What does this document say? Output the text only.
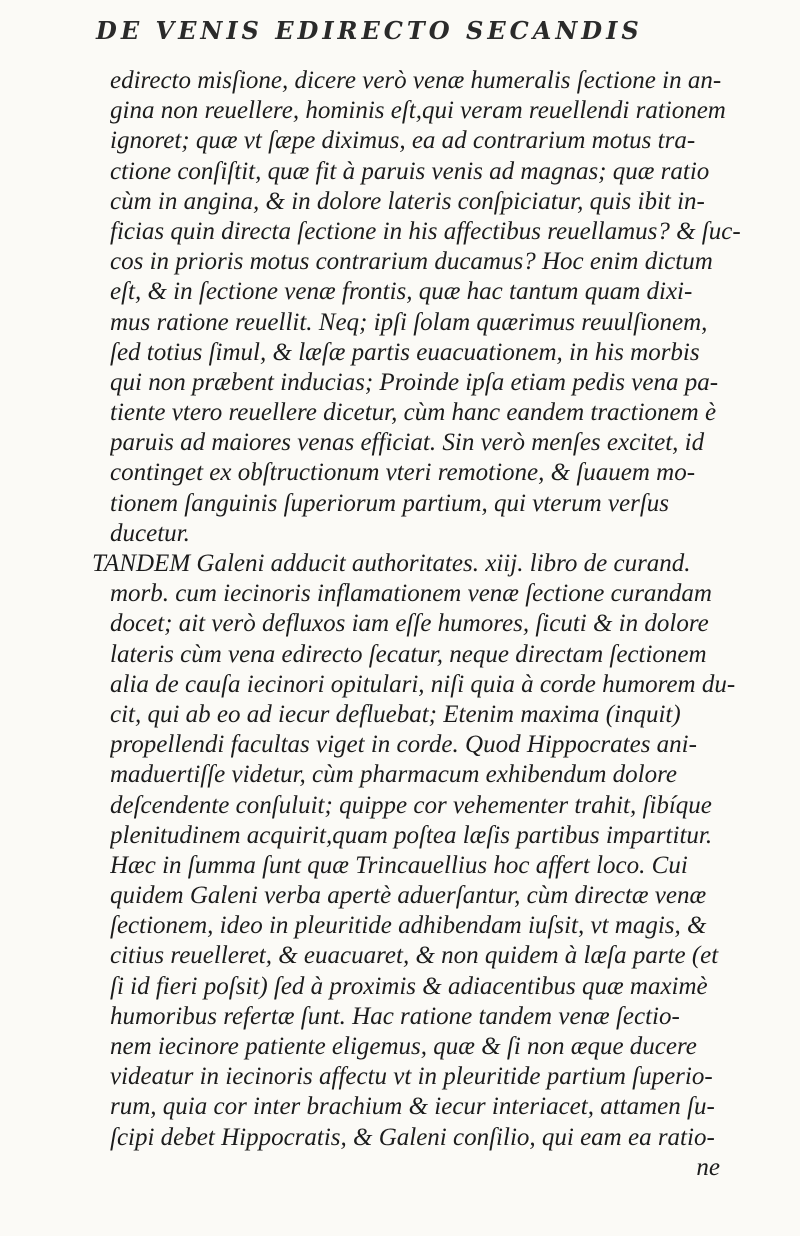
DE VENIS EDIRECTO SECANDIS
edirecto misſione, dicere verò venæ humeralis ſectione in an-
gina non reuellere, hominis eſt,qui veram reuellendi rationem
ignoret; quæ vt ſæpe diximus, ea ad contrarium motus tra-
ctione conſiſtit, quæ fit à paruis venis ad magnas; quæ ratio
cùm in angina, & in dolore lateris conſpiciatur, quis ibit in-
ficias quin directa ſectione in his affectibus reuellamus? & ſuc-
cos in prioris motus contrarium ducamus? Hoc enim dictum
eſt, & in ſectione venæ frontis, quæ hac tantum quam dixi-
mus ratione reuellit. Neq; ipſi ſolam quærimus reuulſionem,
ſed totius ſimul, & læſæ partis euacuationem, in his morbis
qui non præbent inducias; Proinde ipſa etiam pedis vena pa-
tiente vtero reuellere dicetur, cùm hanc eandem tractionem è
paruis ad maiores venas efficiat. Sin verò menſes excitet, id
continget ex obſtructionum vteri remotione, & ſuauem mo-
tionem ſanguinis ſuperiorum partium, qui vterum verſus
ducetur.
TANDEM Galeni adducit authoritates. xiij. libro de curand.
morb. cum iecinoris inflamationem venæ ſectione curandam
docet; ait verò defluxos iam eſſe humores, ſicuti & in dolore
lateris cùm vena edirecto ſecatur, neque directam ſectionem
alia de cauſa iecinori opitulari, niſi quia à corde humorem du-
cit, qui ab eo ad iecur defluebat; Etenim maxima (inquit)
propellendi facultas viget in corde. Quod Hippocrates ani-
maduertiſſe videtur, cùm pharmacum exhibendum dolore
deſcendente conſuluit; quippe cor vehementer trahit, ſibíque
plenitudinem acquirit,quam poſtea læſis partibus impartitur.
Hæc in ſumma ſunt quæ Trincauellius hoc affert loco. Cui
quidem Galeni verba apertè aduerſantur, cùm directæ venæ
ſectionem, ideo in pleuritide adhibendam iuſsit, vt magis, &
citius reuelleret, & euacuaret, & non quidem à læſa parte (et
ſi id fieri poſsit) ſed à proximis & adiacentibus quæ maximè
humoribus refertæ ſunt. Hac ratione tandem venæ ſectio-
nem iecinore patiente eligemus, quæ & ſi non æque ducere
videatur in iecinoris affectu vt in pleuritide partium ſuperio-
rum, quia cor inter brachium & iecur interiacet, attamen ſu-
ſcipi debet Hippocratis, & Galeni conſilio, qui eam ea ratio-
ne
